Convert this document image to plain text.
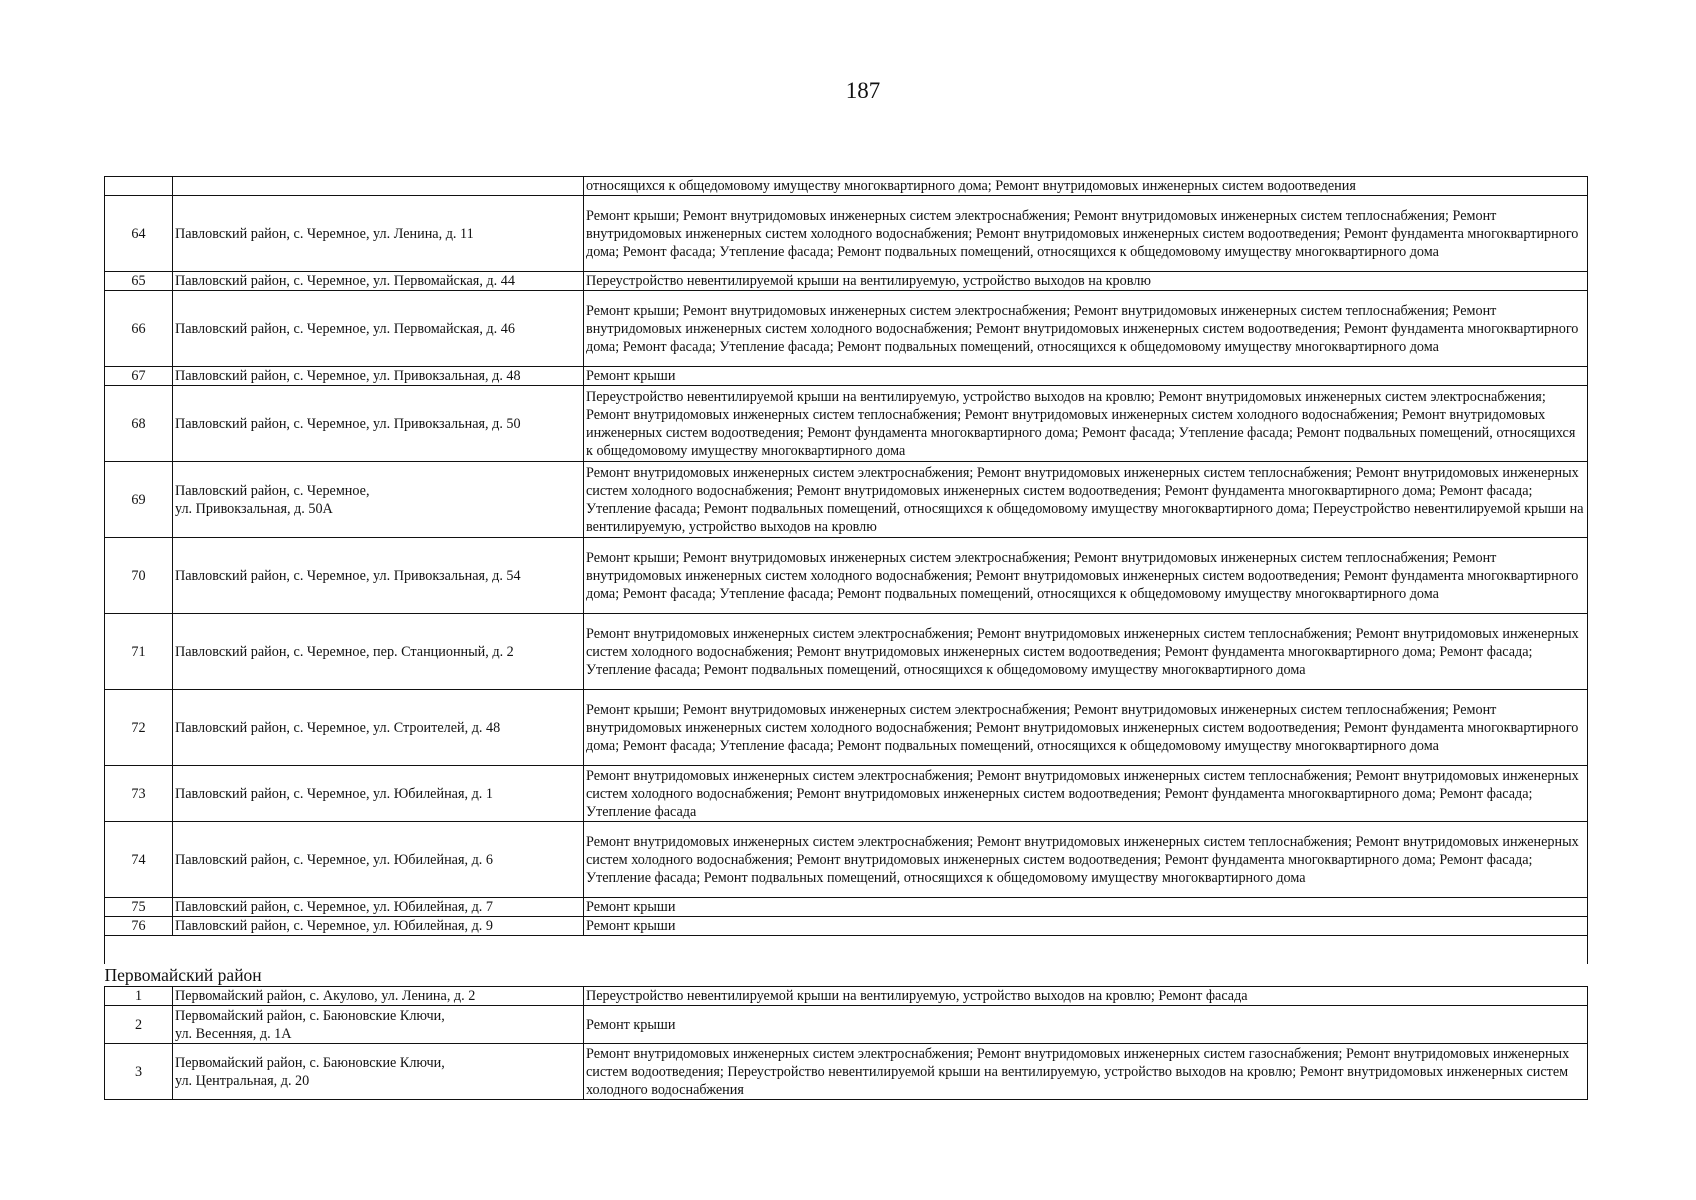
187
		относящихся к общедомовому имуществу многоквартирного дома; Ремонт внутридомовых инженерных систем водоотведения
64	Павловский район, с. Черемное, ул. Ленина, д. 11	Ремонт крыши; Ремонт внутридомовых инженерных систем электроснабжения; Ремонт внутридомовых инженерных систем теплоснабжения; Ремонт внутридомовых инженерных систем холодного водоснабжения; Ремонт внутридомовых инженерных систем водоотведения; Ремонт фундамента многоквартирного дома; Ремонт фасада; Утепление фасада; Ремонт подвальных помещений, относящихся к общедомовому имуществу многоквартирного дома
65	Павловский район, с. Черемное, ул. Первомайская, д. 44	Переустройство невентилируемой крыши на вентилируемую, устройство выходов на кровлю
66	Павловский район, с. Черемное, ул. Первомайская, д. 46	Ремонт крыши; Ремонт внутридомовых инженерных систем электроснабжения; Ремонт внутридомовых инженерных систем теплоснабжения; Ремонт внутридомовых инженерных систем холодного водоснабжения; Ремонт внутридомовых инженерных систем водоотведения; Ремонт фундамента многоквартирного дома; Ремонт фасада; Утепление фасада; Ремонт подвальных помещений, относящихся к общедомовому имуществу многоквартирного дома
67	Павловский район, с. Черемное, ул. Привокзальная, д. 48	Ремонт крыши
68	Павловский район, с. Черемное, ул. Привокзальная, д. 50	Переустройство невентилируемой крыши на вентилируемую, устройство выходов на кровлю; Ремонт внутридомовых инженерных систем электроснабжения; Ремонт внутридомовых инженерных систем теплоснабжения; Ремонт внутридомовых инженерных систем холодного водоснабжения; Ремонт внутридомовых инженерных систем водоотведения; Ремонт фундамента многоквартирного дома; Ремонт фасада; Утепление фасада; Ремонт подвальных помещений, относящихся к общедомовому имуществу многоквартирного дома
69	Павловский район, с. Черемное,
ул. Привокзальная, д. 50А	Ремонт внутридомовых инженерных систем электроснабжения; Ремонт внутридомовых инженерных систем теплоснабжения; Ремонт внутридомовых инженерных систем холодного водоснабжения; Ремонт внутридомовых инженерных систем водоотведения; Ремонт фундамента многоквартирного дома; Ремонт фасада; Утепление фасада; Ремонт подвальных помещений, относящихся к общедомовому имуществу многоквартирного дома; Переустройство невентилируемой крыши на вентилируемую, устройство выходов на кровлю
70	Павловский район, с. Черемное, ул. Привокзальная, д. 54	Ремонт крыши; Ремонт внутридомовых инженерных систем электроснабжения; Ремонт внутридомовых инженерных систем теплоснабжения; Ремонт внутридомовых инженерных систем холодного водоснабжения; Ремонт внутридомовых инженерных систем водоотведения; Ремонт фундамента многоквартирного дома; Ремонт фасада; Утепление фасада; Ремонт подвальных помещений, относящихся к общедомовому имуществу многоквартирного дома
71	Павловский район, с. Черемное, пер. Станционный, д. 2	Ремонт внутридомовых инженерных систем электроснабжения; Ремонт внутридомовых инженерных систем теплоснабжения; Ремонт внутридомовых инженерных систем холодного водоснабжения; Ремонт внутридомовых инженерных систем водоотведения; Ремонт фундамента многоквартирного дома; Ремонт фасада; Утепление фасада; Ремонт подвальных помещений, относящихся к общедомовому имуществу многоквартирного дома
72	Павловский район, с. Черемное, ул. Строителей, д. 48	Ремонт крыши; Ремонт внутридомовых инженерных систем электроснабжения; Ремонт внутридомовых инженерных систем теплоснабжения; Ремонт внутридомовых инженерных систем холодного водоснабжения; Ремонт внутридомовых инженерных систем водоотведения; Ремонт фундамента многоквартирного дома; Ремонт фасада; Утепление фасада; Ремонт подвальных помещений, относящихся к общедомовому имуществу многоквартирного дома
73	Павловский район, с. Черемное, ул. Юбилейная, д. 1	Ремонт внутридомовых инженерных систем электроснабжения; Ремонт внутридомовых инженерных систем теплоснабжения; Ремонт внутридомовых инженерных систем холодного водоснабжения; Ремонт внутридомовых инженерных систем водоотведения; Ремонт фундамента многоквартирного дома; Ремонт фасада; Утепление фасада
74	Павловский район, с. Черемное, ул. Юбилейная, д. 6	Ремонт внутридомовых инженерных систем электроснабжения; Ремонт внутридомовых инженерных систем теплоснабжения; Ремонт внутридомовых инженерных систем холодного водоснабжения; Ремонт внутридомовых инженерных систем водоотведения; Ремонт фундамента многоквартирного дома; Ремонт фасада; Утепление фасада; Ремонт подвальных помещений, относящихся к общедомовому имуществу многоквартирного дома
75	Павловский район, с. Черемное, ул. Юбилейная, д. 7	Ремонт крыши
76	Павловский район, с. Черемное, ул. Юбилейная, д. 9	Ремонт крыши

Первомайский район		
1	Первомайский район, с. Акулово, ул. Ленина, д. 2	Переустройство невентилируемой крыши на вентилируемую, устройство выходов на кровлю; Ремонт фасада
2	Первомайский район, с. Баюновские Ключи,
ул. Весенняя, д. 1А	Ремонт крыши
3	Первомайский район, с. Баюновские Ключи,
ул. Центральная, д. 20	Ремонт внутридомовых инженерных систем электроснабжения; Ремонт внутридомовых инженерных систем газоснабжения; Ремонт внутридомовых инженерных систем водоотведения; Переустройство невентилируемой крыши на вентилируемую, устройство выходов на кровлю; Ремонт внутридомовых инженерных систем холодного водоснабжения
